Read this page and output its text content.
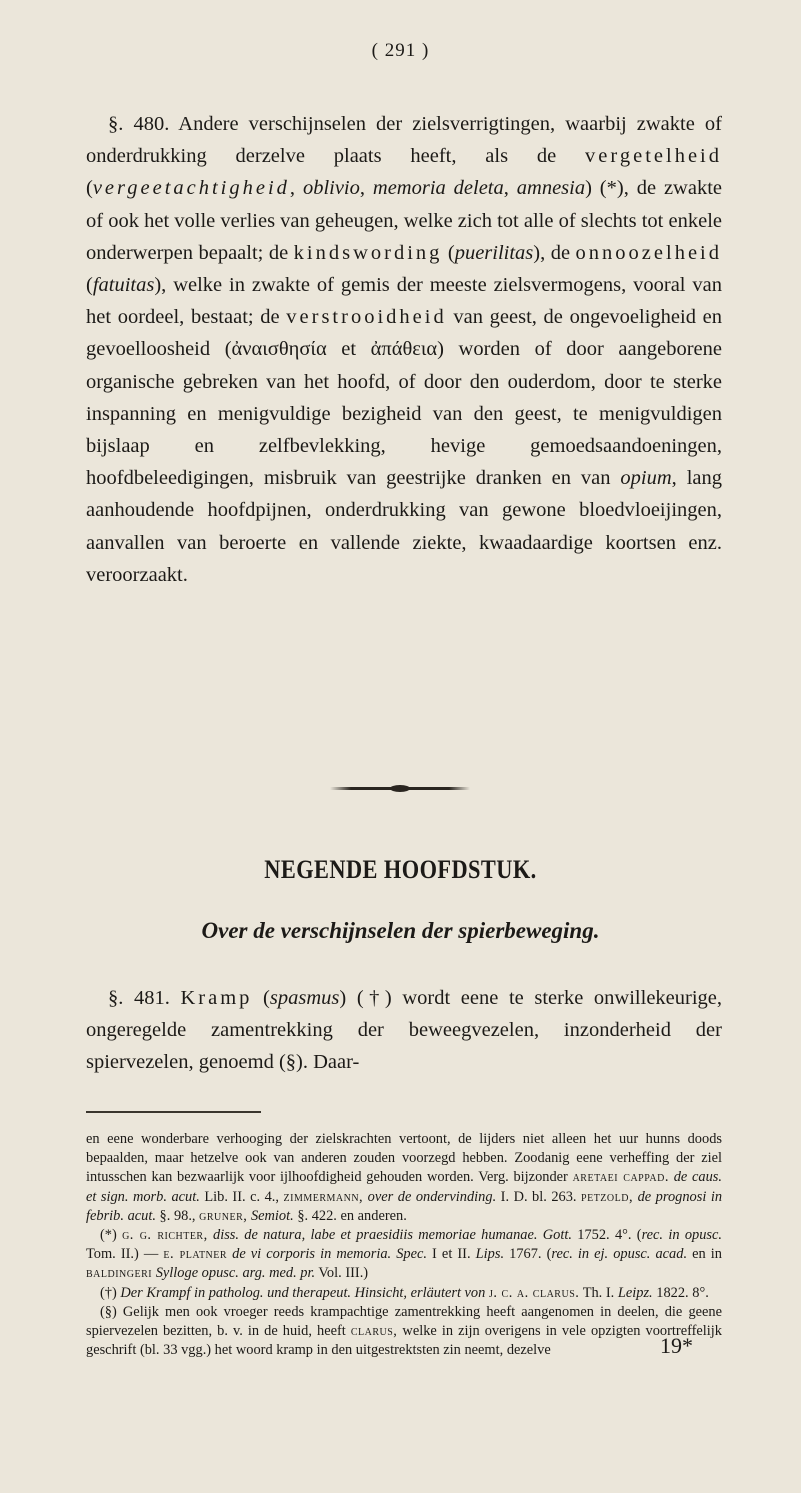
( 291 )

§. 480. Andere verschijnselen der zielsverrigtingen, waarbij zwakte of onderdrukking derzelve plaats heeft, als de vergetelheid (vergeetachtigheid, oblivio, memoria deleta, amnesia) (*), de zwakte of ook het volle verlies van geheugen, welke zich tot alle of slechts tot enkele onderwerpen bepaalt; de kindswording (puerilitas), de onnoozelheid (fatuitas), welke in zwakte of gemis der meeste zielsvermogens, vooral van het oordeel, bestaat; de verstrooidheid van geest, de ongevoeligheid en gevoelloosheid (ἀναισθησία et ἀπάθεια) worden of door aangeborene organische gebreken van het hoofd, of door den ouderdom, door te sterke inspanning en menigvuldige bezigheid van den geest, te menigvuldigen bijslaap en zelfbevlekking, hevige gemoedsaandoeningen, hoofdbeleedigingen, misbruik van geestrijke dranken en van opium, lang aanhoudende hoofdpijnen, onderdrukking van gewone bloedvloeijingen, aanvallen van beroerte en vallende ziekte, kwaadaardige koortsen enz. veroorzaakt.

NEGENDE HOOFDSTUK.
Over de verschijnselen der spierbeweging.

§. 481. Kramp (spasmus) (†) wordt eene te sterke onwillekeurige, ongeregelde zamentrekking der beweegvezelen, inzonderheid der spiervezelen, genoemd (§). Daar-

en eene wonderbare verhooging der zielskrachten vertoont, de lijders niet alleen het uur hunns doods bepaalden, maar hetzelve ook van anderen zouden voorzegd hebben. Zoodanig eene verheffing der ziel intusschen kan bezwaarlijk voor ijlhoofdigheid gehouden worden. Verg. bijzonder aretaei cappad. de caus. et sign. morb. acut. Lib. II. c. 4., zimmermann, over de ondervinding. I. D. bl. 263. petzold, de prognosi in febrib. acut. §. 98., gruner, Semiot. §. 422. en anderen.

(*) g. g. richter, diss. de natura, labe et praesidiis memoriae humanae. Gott. 1752. 4°. (rec. in opusc. Tom. II.) — e. platner de vi corporis in memoria. Spec. I et II. Lips. 1767. (rec. in ej. opusc. acad. en in baldingeri Sylloge opusc. arg. med. pr. Vol. III.)

(†) Der Krampf in patholog. und therapeut. Hinsicht, erläutert von j. c. a. clarus. Th. I. Leipz. 1822. 8°.

(§) Gelijk men ook vroeger reeds krampachtige zamentrekking heeft aangenomen in deelen, die geene spiervezelen bezitten, b. v. in de huid, heeft clarus, welke in zijn overigens in vele opzigten voortreffelijk geschrift (bl. 33 vgg.) het woord kramp in den uitgestrektsten zin neemt, dezelve	19*
